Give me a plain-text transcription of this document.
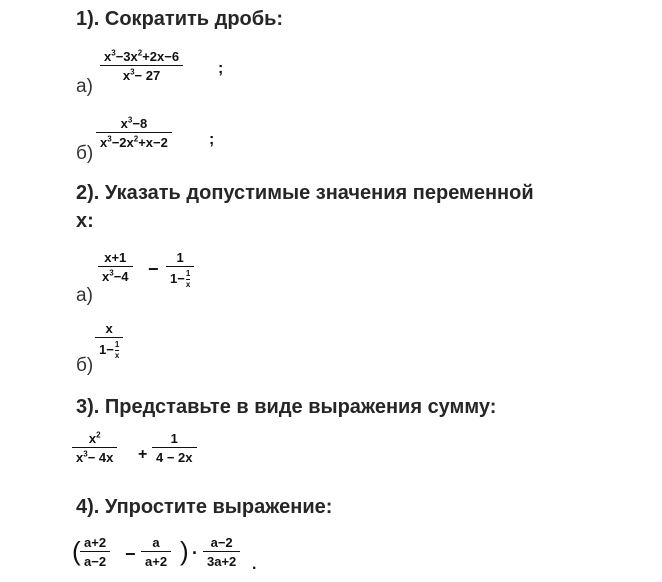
1). Сократить дробь:
а)
$x^3-3x^2+2x-6$
$x^3- 27$	;
б)
$x^3-8$
$x^3-2x^2+x-2$	;
2). Указать допустимые значения переменной
x:
а)
x+1
$x^3-4$ −
1
$1- \frac{1}{x}$
б)
x
$1- \frac{1}{x}$
3). Представьте в виде выражения сумму:
$x^2$
$x^3- 4x$ +
1
4 − 2x
4). Упростите выражение:
( a+2
a−2 −
a
a+2 ) ·
a−2
3a+2 .
